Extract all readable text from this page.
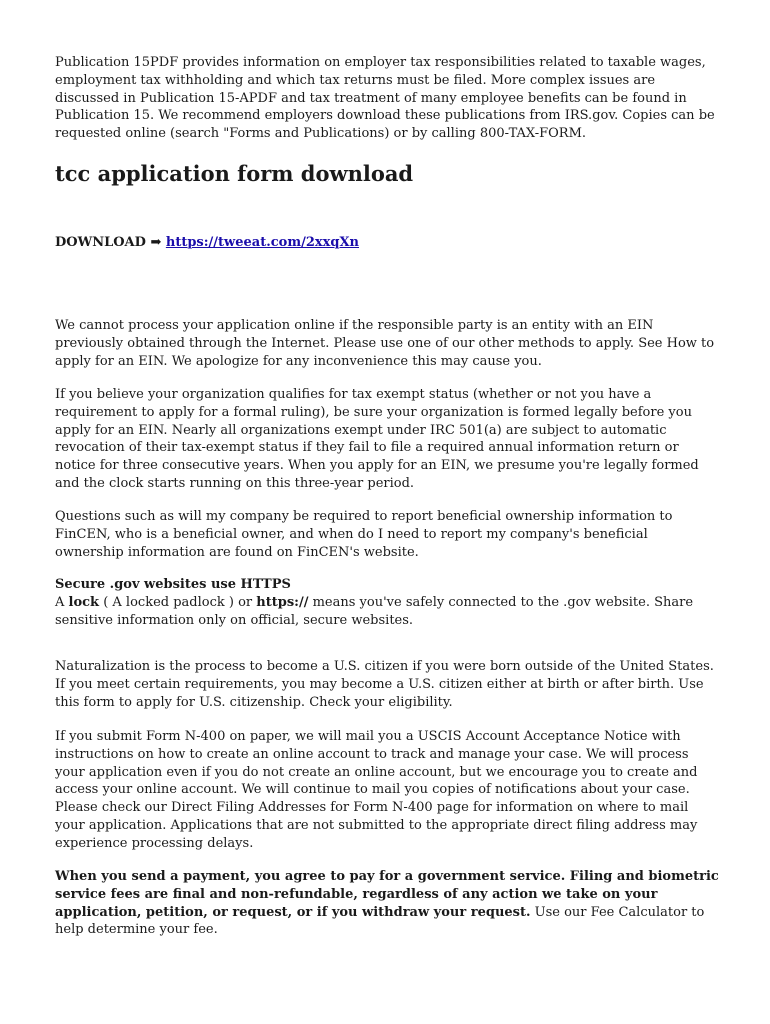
Publication 15PDF provides information on employer tax responsibilities related to taxable wages, employment tax withholding and which tax returns must be filed. More complex issues are discussed in Publication 15-APDF and tax treatment of many employee benefits can be found in Publication 15. We recommend employers download these publications from IRS.gov. Copies can be requested online (search "Forms and Publications) or by calling 800-TAX-FORM.

tcc application form download
DOWNLOAD ➡ https://tweeat.com/2xxqXn

We cannot process your application online if the responsible party is an entity with an EIN previously obtained through the Internet. Please use one of our other methods to apply. See How to apply for an EIN. We apologize for any inconvenience this may cause you.

If you believe your organization qualifies for tax exempt status (whether or not you have a requirement to apply for a formal ruling), be sure your organization is formed legally before you apply for an EIN. Nearly all organizations exempt under IRC 501(a) are subject to automatic revocation of their tax-exempt status if they fail to file a required annual information return or notice for three consecutive years. When you apply for an EIN, we presume you're legally formed and the clock starts running on this three-year period.

Questions such as will my company be required to report beneficial ownership information to FinCEN, who is a beneficial owner, and when do I need to report my company's beneficial ownership information are found on FinCEN's website.

Secure .gov websites use HTTPS

A lock ( A locked padlock ) or https:// means you've safely connected to the .gov website. Share sensitive information only on official, secure websites.

Naturalization is the process to become a U.S. citizen if you were born outside of the United States. If you meet certain requirements, you may become a U.S. citizen either at birth or after birth. Use this form to apply for U.S. citizenship. Check your eligibility.

If you submit Form N-400 on paper, we will mail you a USCIS Account Acceptance Notice with instructions on how to create an online account to track and manage your case. We will process your application even if you do not create an online account, but we encourage you to create and access your online account. We will continue to mail you copies of notifications about your case. Please check our Direct Filing Addresses for Form N-400 page for information on where to mail your application. Applications that are not submitted to the appropriate direct filing address may experience processing delays.

When you send a payment, you agree to pay for a government service. Filing and biometric service fees are final and non-refundable, regardless of any action we take on your application, petition, or request, or if you withdraw your request. Use our Fee Calculator to help determine your fee.
